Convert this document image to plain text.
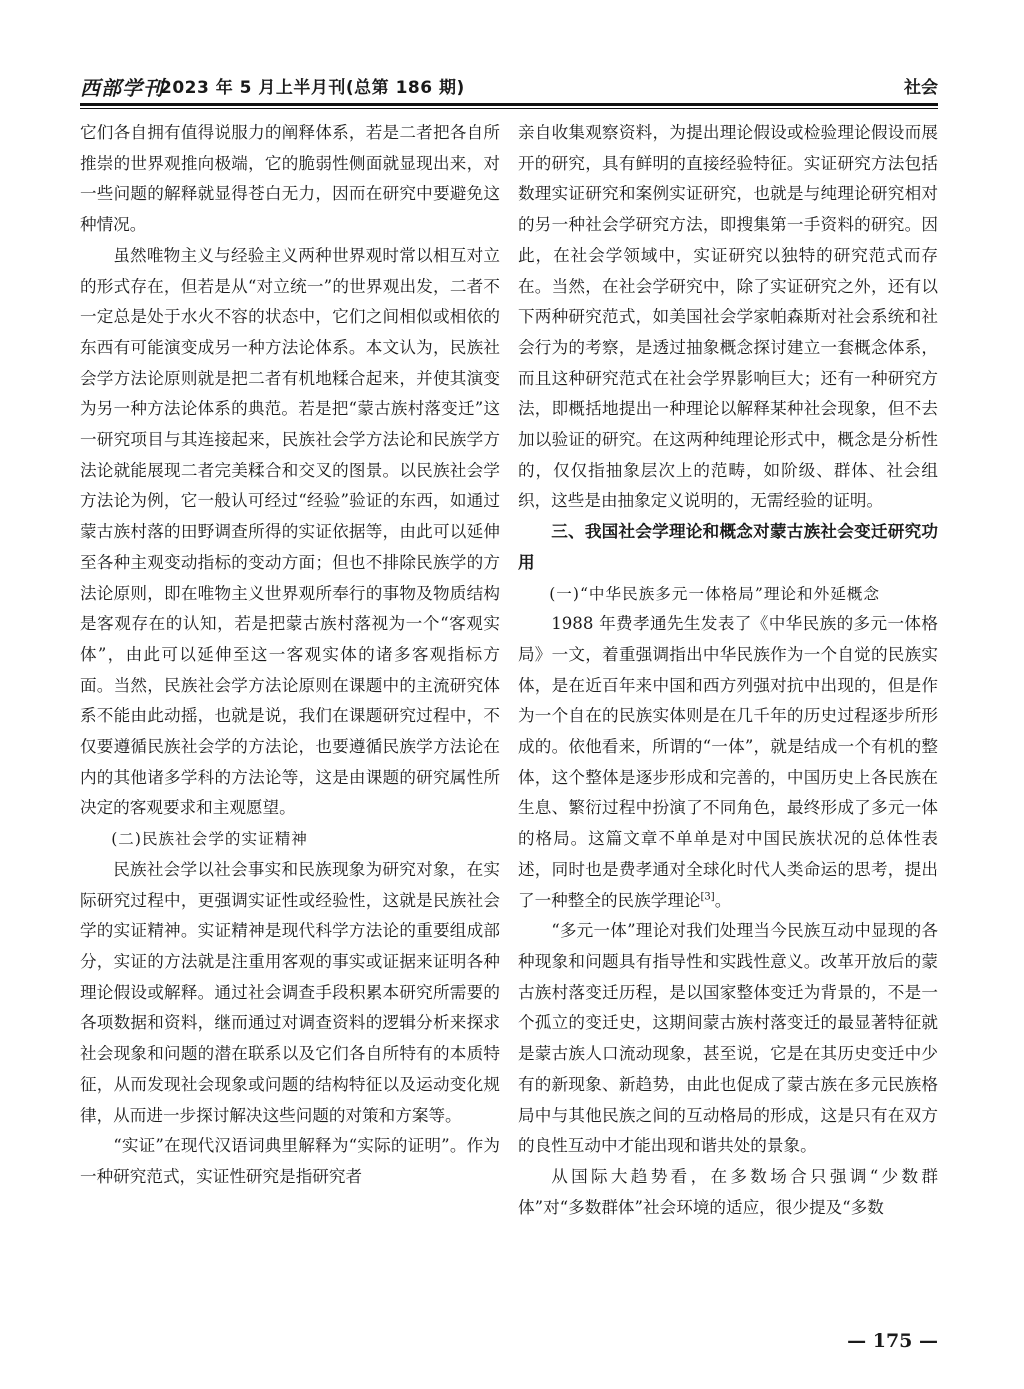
西部学刊
2023 年 5 月上半月刊(总第 186 期)	社会

它们各自拥有值得说服力的阐释体系，若是二者把各自所推崇的世界观推向极端，它的脆弱性侧面就显现出来，对一些问题的解释就显得苍白无力，因而在研究中要避免这种情况。

虽然唯物主义与经验主义两种世界观时常以相互对立的形式存在，但若是从“对立统一”的世界观出发，二者不一定总是处于水火不容的状态中，它们之间相似或相依的东西有可能演变成另一种方法论体系。本文认为，民族社会学方法论原则就是把二者有机地糅合起来，并使其演变为另一种方法论体系的典范。若是把“蒙古族村落变迁”这一研究项目与其连接起来，民族社会学方法论和民族学方法论就能展现二者完美糅合和交叉的图景。以民族社会学方法论为例，它一般认可经过“经验”验证的东西，如通过蒙古族村落的田野调查所得的实证依据等，由此可以延伸至各种主观变动指标的变动方面；但也不排除民族学的方法论原则，即在唯物主义世界观所奉行的事物及物质结构是客观存在的认知，若是把蒙古族村落视为一个“客观实体”，由此可以延伸至这一客观实体的诸多客观指标方面。当然，民族社会学方法论原则在课题中的主流研究体系不能由此动摇，也就是说，我们在课题研究过程中，不仅要遵循民族社会学的方法论，也要遵循民族学方法论在内的其他诸多学科的方法论等，这是由课题的研究属性所决定的客观要求和主观愿望。

(二)民族社会学的实证精神

民族社会学以社会事实和民族现象为研究对象，在实际研究过程中，更强调实证性或经验性，这就是民族社会学的实证精神。实证精神是现代科学方法论的重要组成部分，实证的方法就是注重用客观的事实或证据来证明各种理论假设或解释。通过社会调查手段积累本研究所需要的各项数据和资料，继而通过对调查资料的逻辑分析来探求社会现象和问题的潜在联系以及它们各自所特有的本质特征，从而发现社会现象或问题的结构特征以及运动变化规律，从而进一步探讨解决这些问题的对策和方案等。

“实证”在现代汉语词典里解释为“实际的证明”。作为一种研究范式，实证性研究是指研究者

亲自收集观察资料，为提出理论假设或检验理论假设而展开的研究，具有鲜明的直接经验特征。实证研究方法包括数理实证研究和案例实证研究，也就是与纯理论研究相对的另一种社会学研究方法，即搜集第一手资料的研究。因此，在社会学领域中，实证研究以独特的研究范式而存在。当然，在社会学研究中，除了实证研究之外，还有以下两种研究范式，如美国社会学家帕森斯对社会系统和社会行为的考察，是透过抽象概念探讨建立一套概念体系，而且这种研究范式在社会学界影响巨大；还有一种研究方法，即概括地提出一种理论以解释某种社会现象，但不去加以验证的研究。在这两种纯理论形式中，概念是分析性的，仅仅指抽象层次上的范畴，如阶级、群体、社会组织，这些是由抽象定义说明的，无需经验的证明。

三、我国社会学理论和概念对蒙古族社会变迁研究功用
(一)“中华民族多元一体格局”理论和外延概念

1988 年费孝通先生发表了《中华民族的多元一体格局》一文，着重强调指出中华民族作为一个自觉的民族实体，是在近百年来中国和西方列强对抗中出现的，但是作为一个自在的民族实体则是在几千年的历史过程逐步所形成的。依他看来，所谓的“一体”，就是结成一个有机的整体，这个整体是逐步形成和完善的，中国历史上各民族在生息、繁衍过程中扮演了不同角色，最终形成了多元一体的格局。这篇文章不单单是对中国民族状况的总体性表述，同时也是费孝通对全球化时代人类命运的思考，提出了一种整全的民族学理论[3]。

“多元一体”理论对我们处理当今民族互动中显现的各种现象和问题具有指导性和实践性意义。改革开放后的蒙古族村落变迁历程，是以国家整体变迁为背景的，不是一个孤立的变迁史，这期间蒙古族村落变迁的最显著特征就是蒙古族人口流动现象，甚至说，它是在其历史变迁中少有的新现象、新趋势，由此也促成了蒙古族在多元民族格局中与其他民族之间的互动格局的形成，这是只有在双方的良性互动中才能出现和谐共处的景象。

从国际大趋势看，在多数场合只强调“少数群体”对“多数群体”社会环境的适应，很少提及“多数

— 175 —
